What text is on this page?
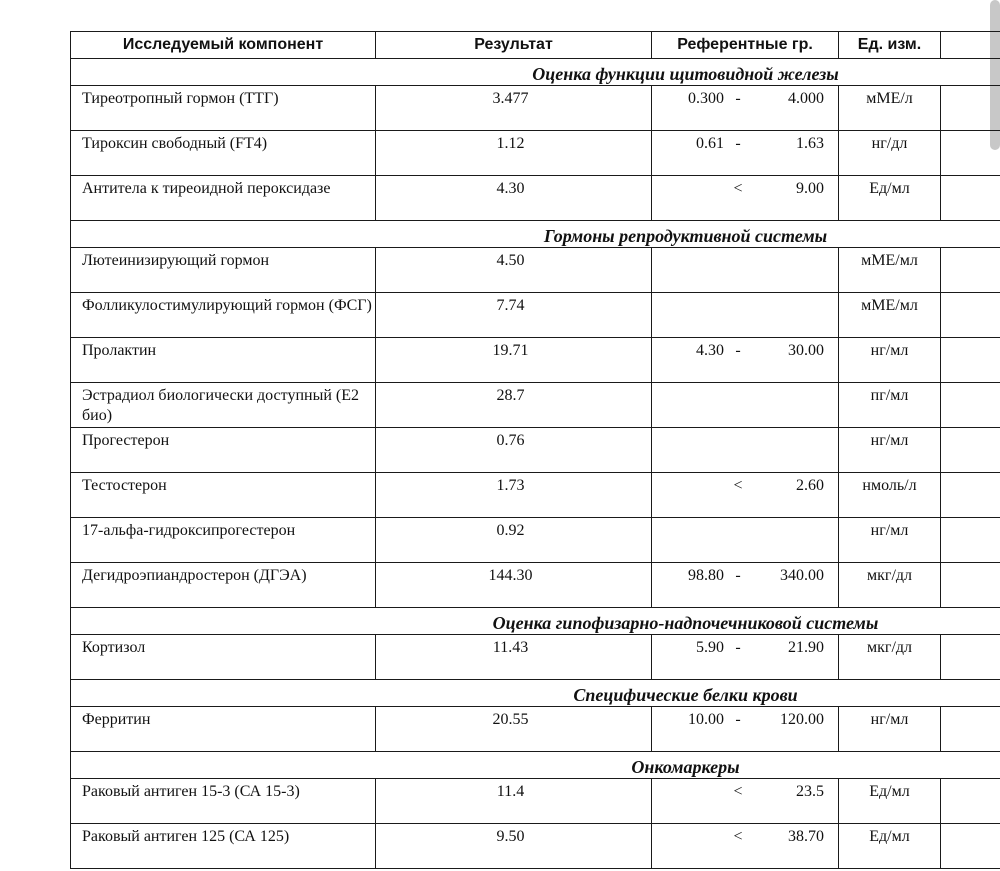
Исследуемый компонент	Результат	Референтные гр.	Ед. изм.	

Оценка функции щитовидной железы				

Тиреотропный гормон (ТТГ)	3.477	0.300 - 4.000	мМЕ/л	
Тироксин свободный (FT4)	1.12	0.61 - 1.63	нг/дл	
Антитела к тиреоидной пероксидазе	4.30	< 9.00	Ед/мл	

Гормоны репродуктивной системы				

Лютеинизирующий гормон	4.50		мМЕ/мл	
Фолликулостимулирующий гормон (ФСГ)	7.74		мМЕ/мл	
Пролактин	19.71	4.30 - 30.00	нг/мл	
Эстрадиол биологически доступный (E2 био)	28.7		пг/мл	
Прогестерон	0.76		нг/мл	
Тестостерон	1.73	< 2.60	нмоль/л	
17-альфа-гидроксипрогестерон	0.92		нг/мл	
Дегидроэпиандростерон (ДГЭА)	144.30	98.80 - 340.00	мкг/дл	

Оценка гипофизарно-надпочечниковой системы				

Кортизол	11.43	5.90 - 21.90	мкг/дл	

Специфические белки крови				

Ферритин	20.55	10.00 - 120.00	нг/мл	

Онкомаркеры				

Раковый антиген 15-3 (СА 15-3)	11.4	< 23.5	Ед/мл	
Раковый антиген 125 (СА 125)	9.50	< 38.70	Ед/мл	
